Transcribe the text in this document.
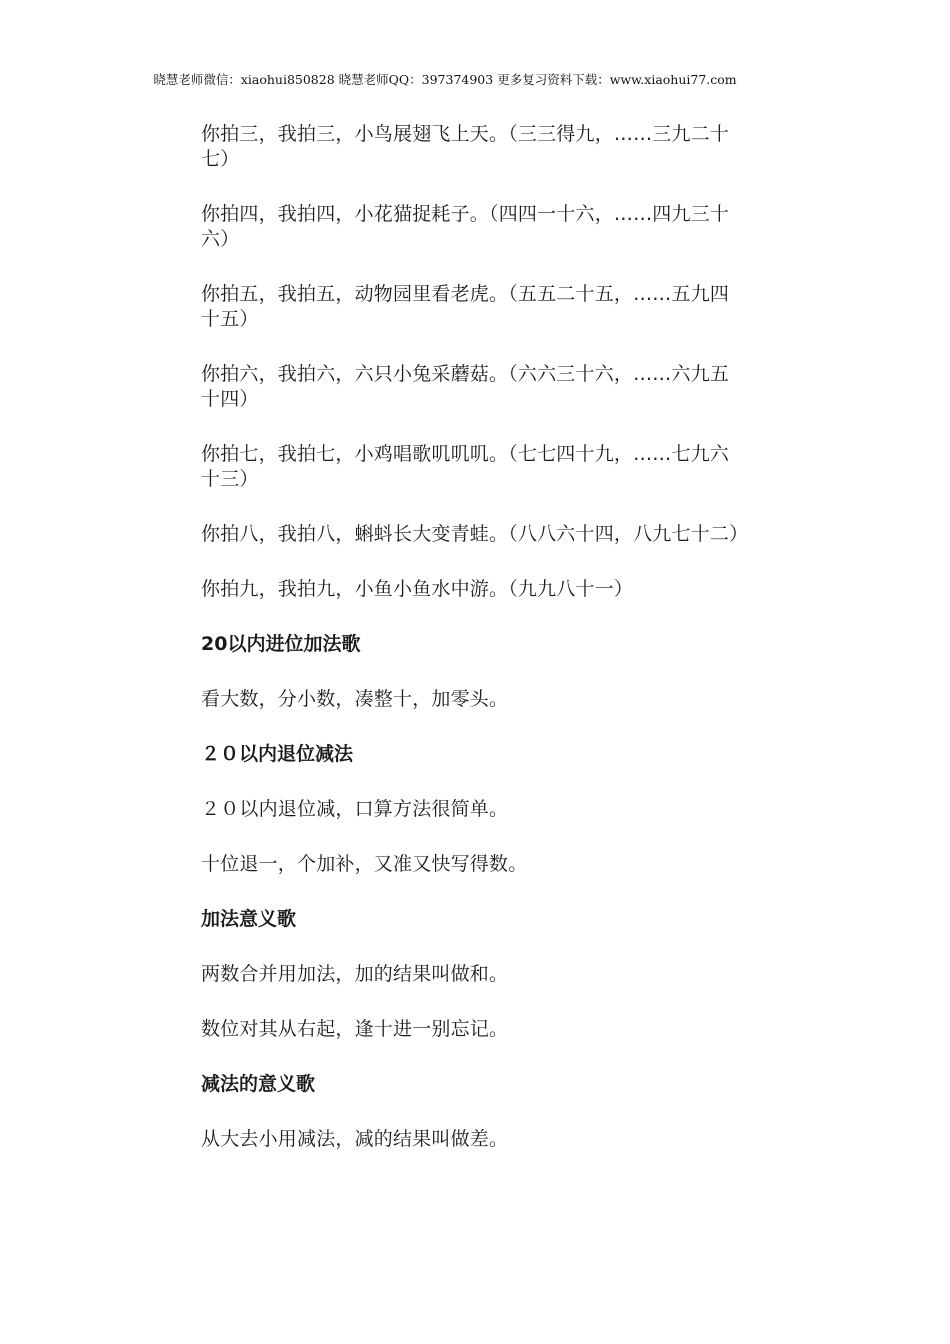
晓慧老师微信：xiaohui850828 晓慧老师QQ：397374903 更多复习资料下载：www.xiaohui77.com

你拍三，我拍三，小鸟展翅飞上天。（三三得九，……三九二十七）

你拍四，我拍四，小花猫捉耗子。（四四一十六，……四九三十六）

你拍五，我拍五，动物园里看老虎。（五五二十五，……五九四十五）

你拍六，我拍六，六只小兔采蘑菇。（六六三十六，……六九五十四）

你拍七，我拍七，小鸡唱歌叽叽叽。（七七四十九，……七九六十三）

你拍八，我拍八，蝌蚪长大变青蛙。（八八六十四，八九七十二）

你拍九，我拍九，小鱼小鱼水中游。（九九八十一）

20以内进位加法歌

看大数，分小数，凑整十，加零头。

２０以内退位减法

２０以内退位减，口算方法很简单。

十位退一，个加补，又准又快写得数。

加法意义歌

两数合并用加法，加的结果叫做和。

数位对其从右起，逢十进一别忘记。

减法的意义歌

从大去小用减法，减的结果叫做差。
